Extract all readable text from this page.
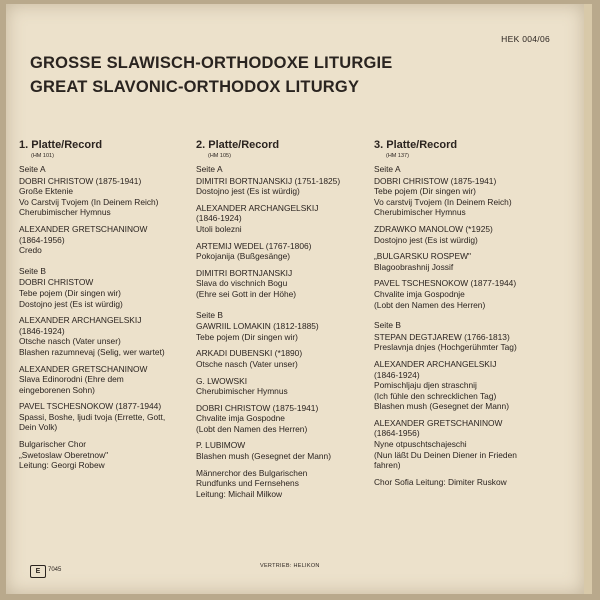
HEK 004/06
GROSSE SLAWISCH-ORTHODOXE LITURGIE
GREAT SLAVONIC-ORTHODOX LITURGY
1. Platte/Record
(HM 101)
Seite A
DOBRI CHRISTOW (1875-1941)
Große Ektenie
Vo Carstvij Tvojem (In Deinem Reich)
Cherubimischer Hymnus
ALEXANDER GRETSCHANINOW
(1864-1956)
Credo
Seite B
DOBRI CHRISTOW
Tebe pojem (Dir singen wir)
Dostojno jest (Es ist würdig)
ALEXANDER ARCHANGELSKIJ
(1846-1924)
Otsche nasch (Vater unser)
Blashen razumnevaj (Selig, wer wartet)
ALEXANDER GRETSCHANINOW
Slava Edinorodni (Ehre dem
eingeborenen Sohn)
PAVEL TSCHESNOKOW (1877-1944)
Spassi, Boshe, ljudi tvoja (Errette, Gott,
Dein Volk)
Bulgarischer Chor
„Swetoslaw Oberetnow"
Leitung: Georgi Robew
2. Platte/Record
(HM 105)
Seite A
DIMITRI BORTNJANSKIJ (1751-1825)
Dostojno jest (Es ist würdig)
ALEXANDER ARCHANGELSKIJ
(1846-1924)
Utoli bolezni
ARTEMIJ WEDEL (1767-1806)
Pokojanija (Bußgesänge)
DIMITRI BORTNJANSKIJ
Slava do vischnich Bogu
(Ehre sei Gott in der Höhe)
Seite B
GAWRIIL LOMAKIN (1812-1885)
Tebe pojem (Dir singen wir)
ARKADI DUBENSKI (*1890)
Otsche nasch (Vater unser)
G. LWOWSKI
Cherubimischer Hymnus
DOBRI CHRISTOW (1875-1941)
Chvalite imja Gospodne
(Lobt den Namen des Herren)
P. LUBIMOW
Blashen mush (Gesegnet der Mann)
Männerchor des Bulgarischen
Rundfunks und Fernsehens
Leitung: Michail Milkow
3. Platte/Record
(HM 137)
Seite A
DOBRI CHRISTOW (1875-1941)
Tebe pojem (Dir singen wir)
Vo carstvij Tvojem (In Deinem Reich)
Cherubimischer Hymnus
ZDRAWKO MANOLOW (*1925)
Dostojno jest (Es ist würdig)
„BULGARSKU ROSPEW"
Blagoobrashnij Jossif
PAVEL TSCHESNOKOW (1877-1944)
Chvalite imja Gospodnje
(Lobt den Namen des Herren)
Seite B
STEPAN DEGTJAREW (1766-1813)
Preslavnja dnjes (Hochgerühmter Tag)
ALEXANDER ARCHANGELSKIJ
(1846-1924)
Pomischljaju djen straschnij
(Ich fühle den schrecklichen Tag)
Blashen mush (Gesegnet der Mann)
ALEXANDER GRETSCHANINOW
(1864-1956)
Nyne otpuschtschajeschi
(Nun läßt Du Deinen Diener in Frieden
fahren)
Chor Sofia Leitung: Dimiter Ruskow
E	7045
VERTRIEB: HELIKON
